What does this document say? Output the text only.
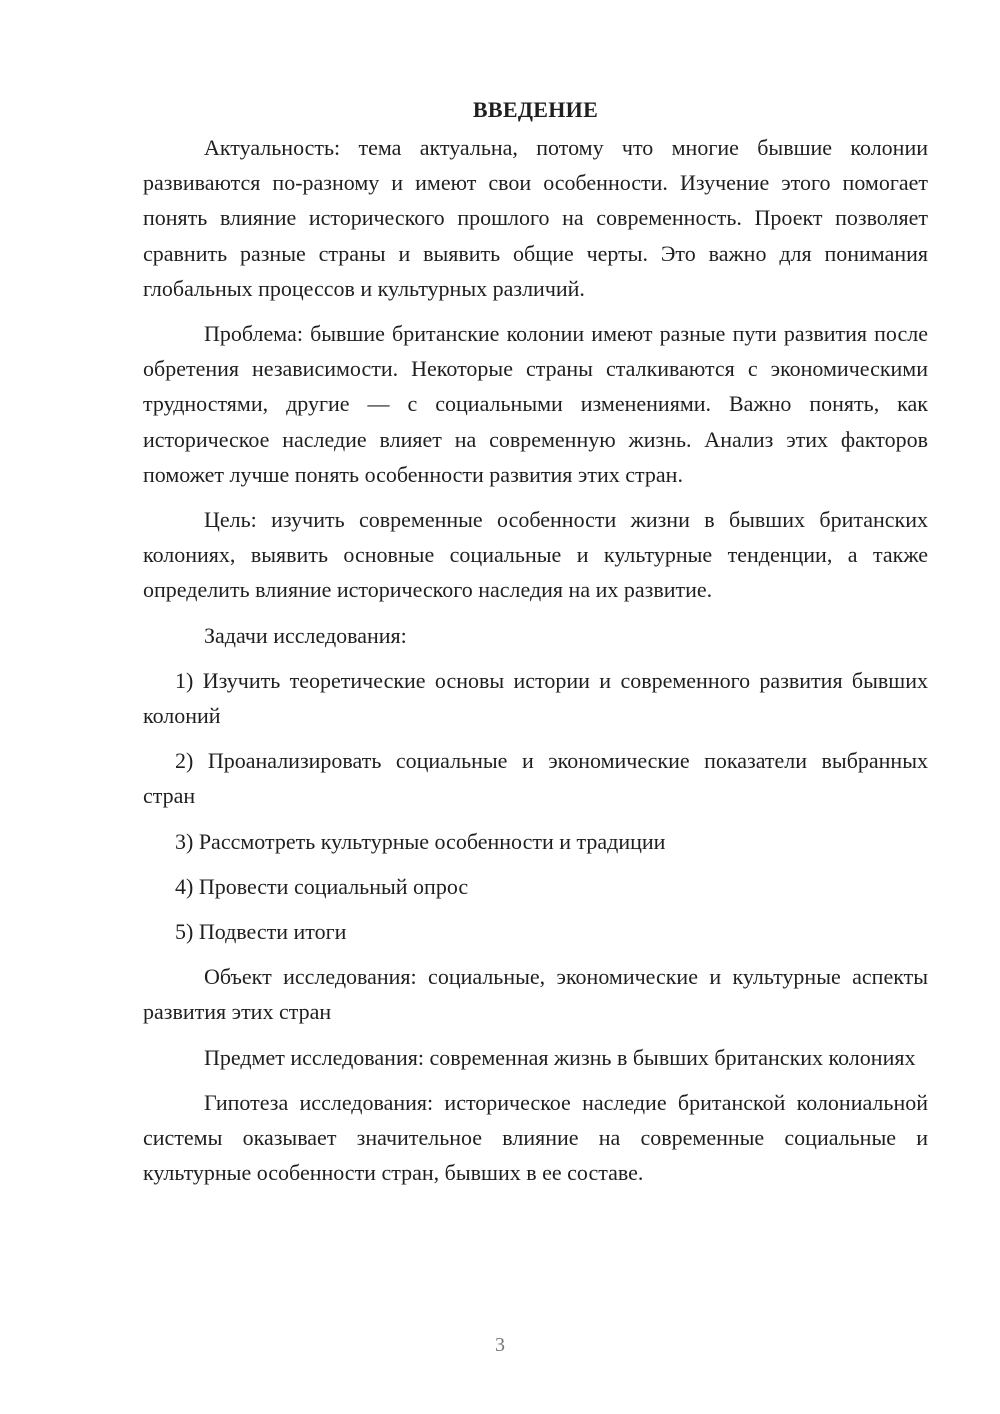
ВВЕДЕНИЕ

Актуальность: тема актуальна, потому что многие бывшие колонии развиваются по-разному и имеют свои особенности. Изучение этого помогает понять влияние исторического прошлого на современность. Проект позволяет сравнить разные страны и выявить общие черты. Это важно для понимания глобальных процессов и культурных различий.

Проблема: бывшие британские колонии имеют разные пути развития после обретения независимости. Некоторые страны сталкиваются с экономическими трудностями, другие — с социальными изменениями. Важно понять, как историческое наследие влияет на современную жизнь. Анализ этих факторов поможет лучше понять особенности развития этих стран.

Цель: изучить современные особенности жизни в бывших британских колониях, выявить основные социальные и культурные тенденции, а также определить влияние исторического наследия на их развитие.

Задачи исследования:

1) Изучить теоретические основы истории и современного развития бывших колоний

2) Проанализировать социальные и экономические показатели выбранных стран

3) Рассмотреть культурные особенности и традиции

4) Провести социальный опрос

5) Подвести итоги

Объект исследования: социальные, экономические и культурные аспекты развития этих стран

Предмет исследования: современная жизнь в бывших британских колониях

Гипотеза исследования: историческое наследие британской колониальной системы оказывает значительное влияние на современные социальные и культурные особенности стран, бывших в ее составе.

3
